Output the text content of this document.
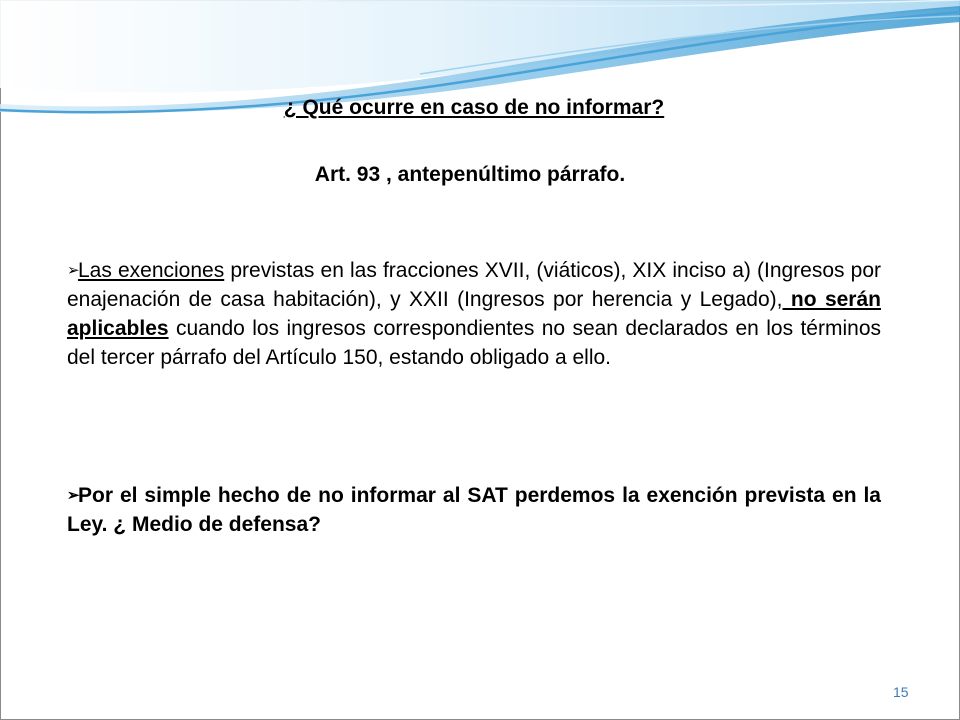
¿ Qué ocurre en caso de no informar?

Art. 93 , antepenúltimo párrafo.

➢Las exenciones previstas en las fracciones XVII, (viáticos), XIX inciso a) (Ingresos por enajenación de casa habitación), y XXII (Ingresos por herencia y Legado), no serán aplicables cuando los ingresos correspondientes no sean declarados en los términos del tercer párrafo del Artículo 150, estando obligado a ello.

➢Por el simple hecho de no informar al SAT perdemos la exención prevista en la Ley. ¿ Medio de defensa?

15
